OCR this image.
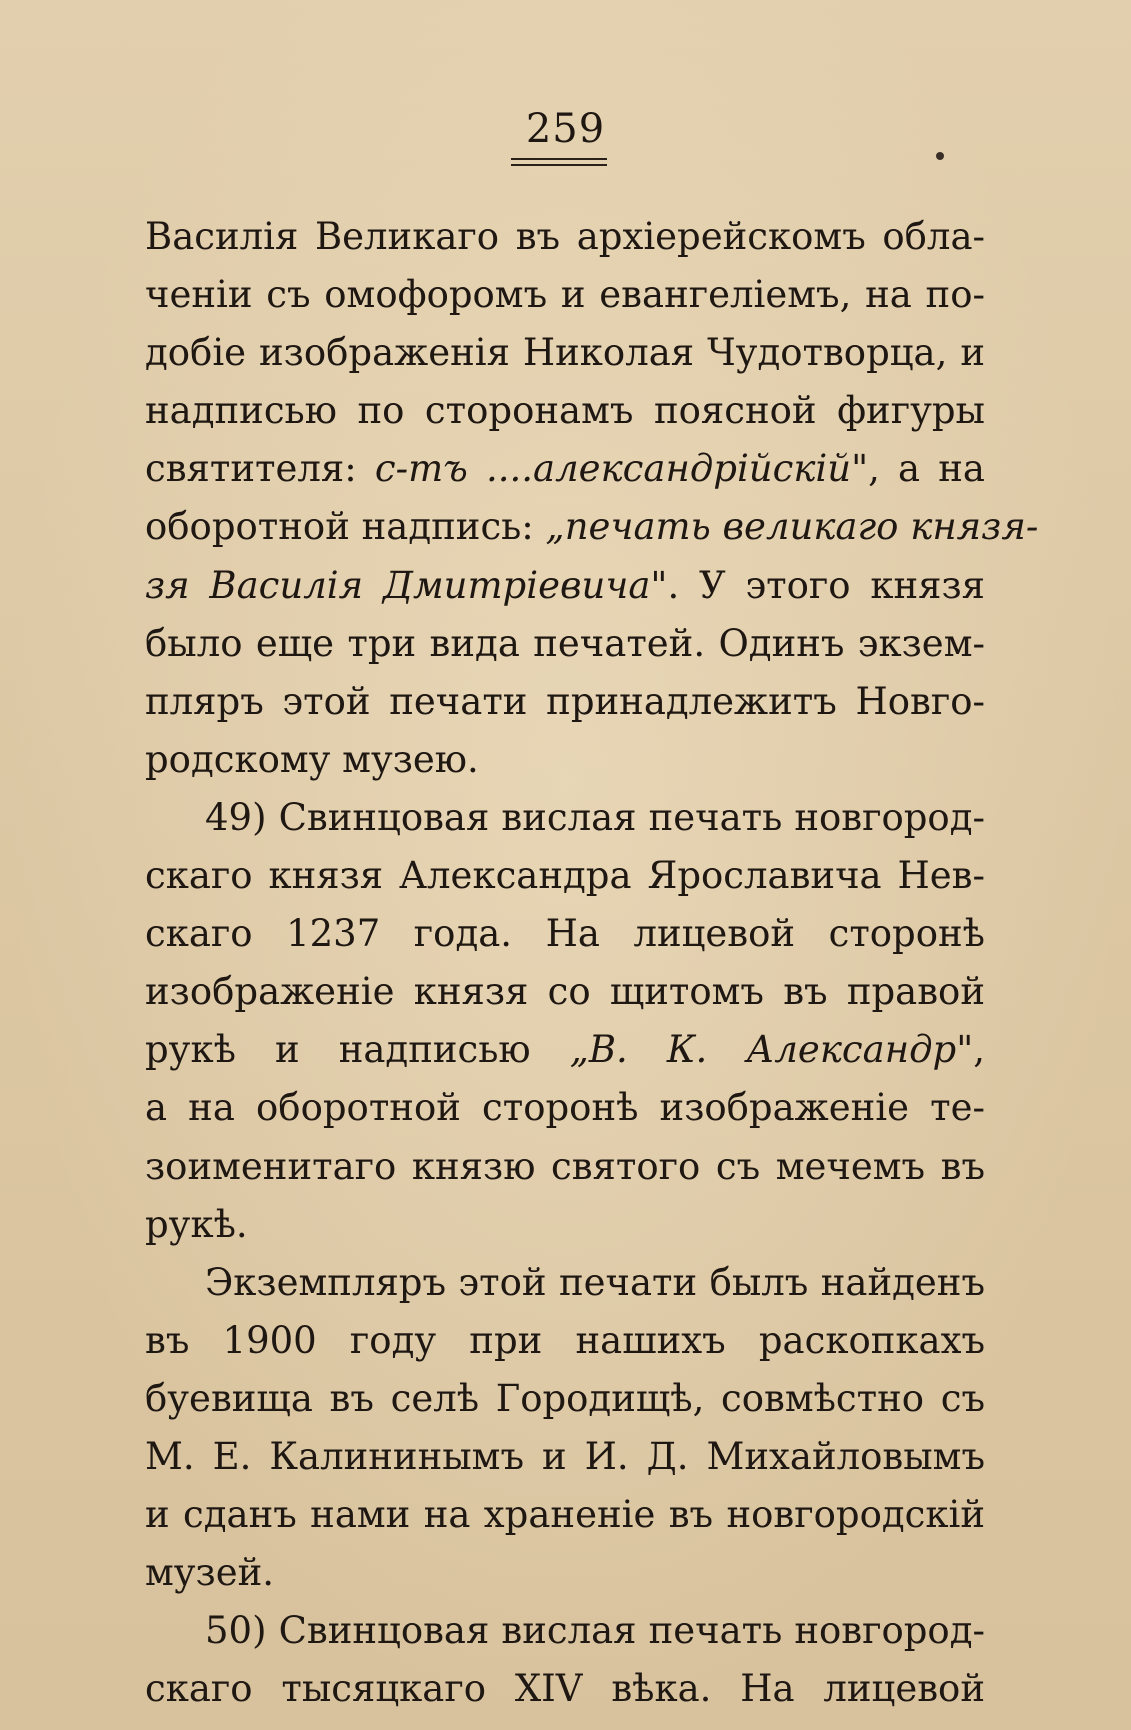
259
Василія Великаго въ архіерейскомъ обла-
ченіи съ омофоромъ и евангеліемъ, на по-
добіе изображенія Николая Чудотворца, и
надписью по сторонамъ поясной фигуры
святителя: с-тъ ....александрійскій", а на
оборотной надпись: „печать великаго князя-
зя Василія Дмитріевича". У этого князя
было еще три вида печатей. Одинъ экзем-
пляръ этой печати принадлежитъ Новго-
родскому музею.
49) Свинцовая вислая печать новгород-
скаго князя Александра Ярославича Нев-
скаго 1237 года. На лицевой сторонѣ
изображеніе князя со щитомъ въ правой
рукѣ и надписью „В. К. Александр",
а на оборотной сторонѣ изображеніе те-
зоименитаго князю святого съ мечемъ въ
рукѣ.
Экземпляръ этой печати былъ найденъ
въ 1900 году при нашихъ раскопкахъ
буевища въ селѣ Городищѣ, совмѣстно съ
М. Е. Калининымъ и И. Д. Михайловымъ
и сданъ нами на храненіе въ новгородскій
музей.
50) Свинцовая вислая печать новгород-
скаго тысяцкаго XIV вѣка. На лицевой
